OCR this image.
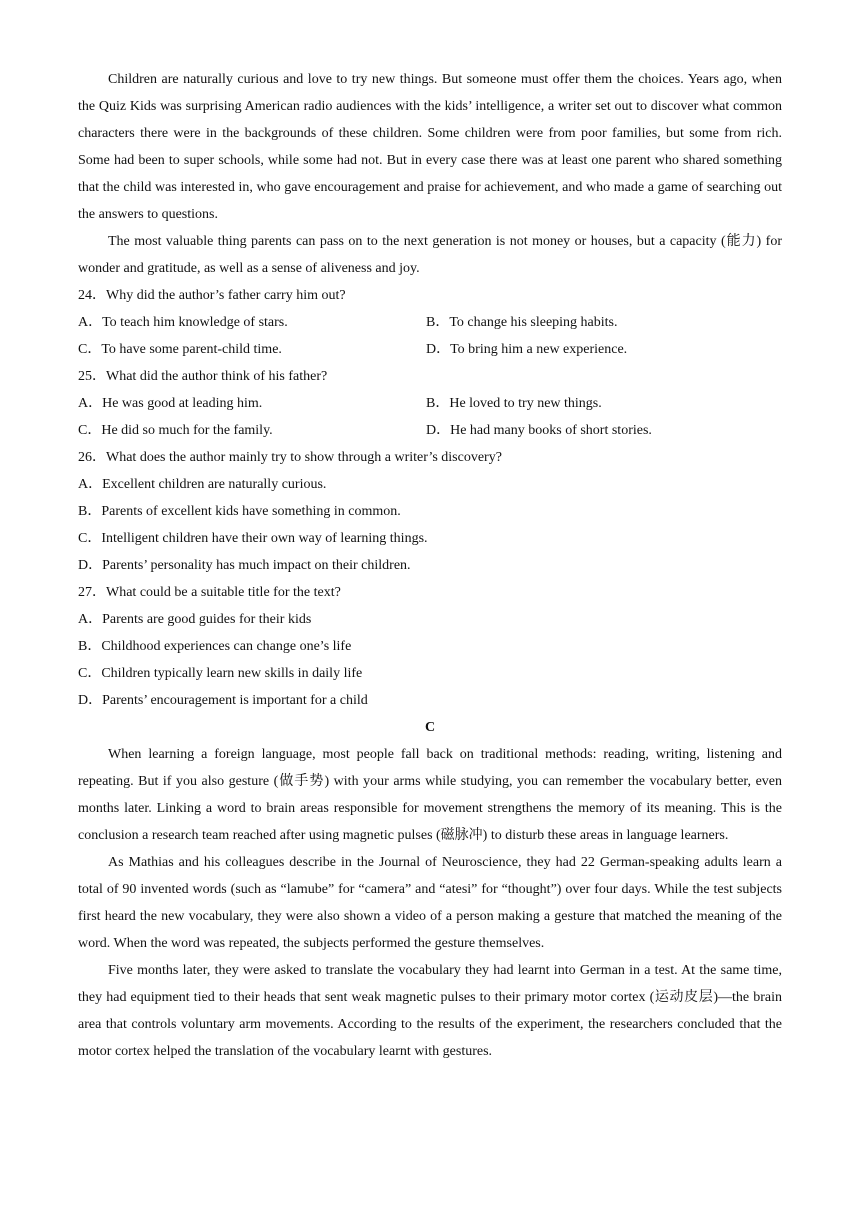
Children are naturally curious and love to try new things. But someone must offer them the choices. Years ago, when the Quiz Kids was surprising American radio audiences with the kids’ intelligence, a writer set out to discover what common characters there were in the backgrounds of these children. Some children were from poor families, but some from rich. Some had been to super schools, while some had not. But in every case there was at least one parent who shared something that the child was interested in, who gave encouragement and praise for achievement, and who made a game of searching out the answers to questions.

The most valuable thing parents can pass on to the next generation is not money or houses, but a capacity (能力) for wonder and gratitude, as well as a sense of aliveness and joy.

24．Why did the author’s father carry him out?

A．To teach him knowledge of stars.	B．To change his sleeping habits.

C．To have some parent-child time.	D．To bring him a new experience.

25．What did the author think of his father?

A．He was good at leading him.	B．He loved to try new things.

C．He did so much for the family.	D．He had many books of short stories.

26．What does the author mainly try to show through a writer’s discovery?

A．Excellent children are naturally curious.

B．Parents of excellent kids have something in common.

C．Intelligent children have their own way of learning things.

D．Parents’ personality has much impact on their children.

27．What could be a suitable title for the text?

A．Parents are good guides for their kids

B．Childhood experiences can change one’s life

C．Children typically learn new skills in daily life

D．Parents’ encouragement is important for a child

C

When learning a foreign language, most people fall back on traditional methods: reading, writing, listening and repeating. But if you also gesture (做手势) with your arms while studying, you can remember the vocabulary better, even months later. Linking a word to brain areas responsible for movement strengthens the memory of its meaning. This is the conclusion a research team reached after using magnetic pulses (磁脉冲) to disturb these areas in language learners.

As Mathias and his colleagues describe in the Journal of Neuroscience, they had 22 German-speaking adults learn a total of 90 invented words (such as “lamube” for “camera” and “atesi” for “thought”) over four days. While the test subjects first heard the new vocabulary, they were also shown a video of a person making a gesture that matched the meaning of the word. When the word was repeated, the subjects performed the gesture themselves.

Five months later, they were asked to translate the vocabulary they had learnt into German in a test. At the same time, they had equipment tied to their heads that sent weak magnetic pulses to their primary motor cortex (运动皮层)—the brain area that controls voluntary arm movements. According to the results of the experiment, the researchers concluded that the motor cortex helped the translation of the vocabulary learnt with gestures.
